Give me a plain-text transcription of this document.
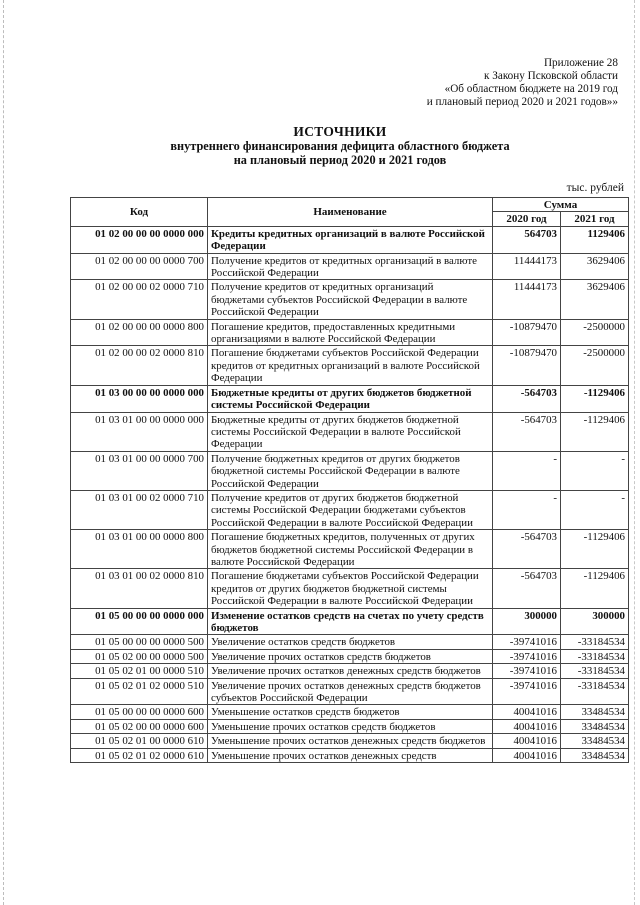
Приложение 28
к Закону Псковской области
«Об областном бюджете на 2019 год
и плановый период 2020 и 2021 годов»»
ИСТОЧНИКИ
внутреннего финансирования дефицита областного бюджета
на плановый период 2020 и 2021 годов
тыс. рублей
Код	Наименование	Сумма	
		2020 год	2021 год
01 02 00 00 00 0000 000	Кредиты кредитных организаций в валюте Российской Федерации	564703	1129406
01 02 00 00 00 0000 700	Получение кредитов от кредитных организаций в валюте Российской Федерации	11444173	3629406
01 02 00 00 02 0000 710	Получение кредитов от кредитных организаций бюджетами субъектов Российской Федерации в валюте Российской Федерации	11444173	3629406
01 02 00 00 00 0000 800	Погашение кредитов, предоставленных кредитными организациями в валюте Российской Федерации	-10879470	-2500000
01 02 00 00 02 0000 810	Погашение бюджетами субъектов Российской Федерации кредитов от кредитных организаций в валюте Российской Федерации	-10879470	-2500000
01 03 00 00 00 0000 000	Бюджетные кредиты от других бюджетов бюджетной системы Российской Федерации	-564703	-1129406
01 03 01 00 00 0000 000	Бюджетные кредиты от других бюджетов бюджетной системы Российской Федерации в валюте Российской Федерации	-564703	-1129406
01 03 01 00 00 0000 700	Получение бюджетных кредитов от других бюджетов бюджетной системы Российской Федерации в валюте Российской Федерации	-	-
01 03 01 00 02 0000 710	Получение кредитов от других бюджетов бюджетной системы Российской Федерации бюджетами субъектов Российской Федерации в валюте Российской Федерации	-	-
01 03 01 00 00 0000 800	Погашение бюджетных кредитов, полученных от других бюджетов бюджетной системы Российской Федерации в валюте Российской Федерации	-564703	-1129406
01 03 01 00 02 0000 810	Погашение бюджетами субъектов Российской Федерации кредитов от других бюджетов бюджетной системы Российской Федерации в валюте Российской Федерации	-564703	-1129406
01 05 00 00 00 0000 000	Изменение остатков средств на счетах по учету средств бюджетов	300000	300000
01 05 00 00 00 0000 500	Увеличение остатков средств бюджетов	-39741016	-33184534
01 05 02 00 00 0000 500	Увеличение прочих остатков средств бюджетов	-39741016	-33184534
01 05 02 01 00 0000 510	Увеличение прочих остатков денежных средств бюджетов	-39741016	-33184534
01 05 02 01 02 0000 510	Увеличение прочих остатков денежных средств бюджетов субъектов Российской Федерации	-39741016	-33184534
01 05 00 00 00 0000 600	Уменьшение остатков средств бюджетов	40041016	33484534
01 05 02 00 00 0000 600	Уменьшение прочих остатков средств бюджетов	40041016	33484534
01 05 02 01 00 0000 610	Уменьшение прочих остатков денежных средств бюджетов	40041016	33484534
01 05 02 01 02 0000 610	Уменьшение прочих остатков денежных средств	40041016	33484534
